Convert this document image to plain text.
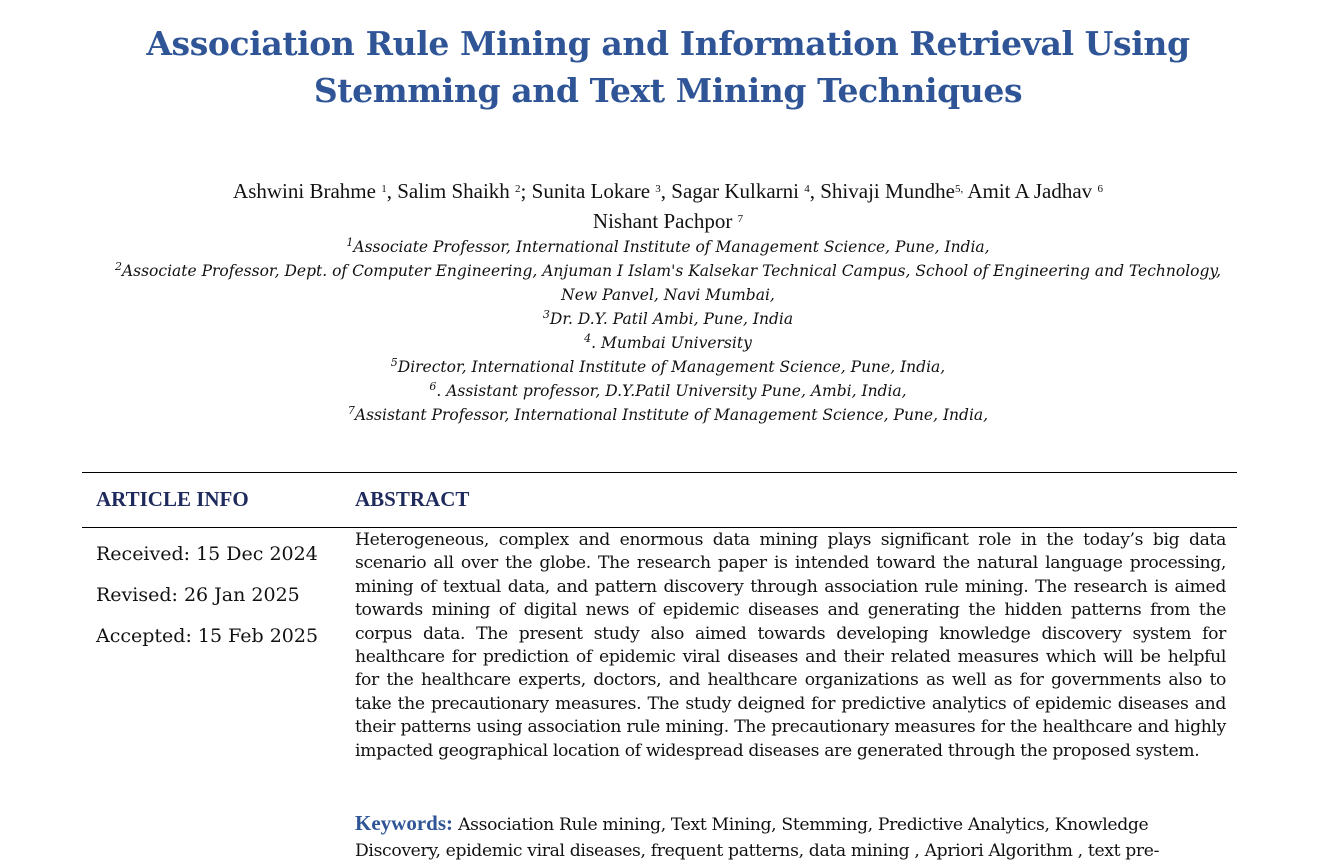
Association Rule Mining and Information Retrieval Using
Stemming and Text Mining Techniques
Ashwini Brahme $^1$, Salim Shaikh $^2$; Sunita Lokare $^3$, Sagar Kulkarni $^4$, Shivaji Mundhe$^{5,}$ Amit A Jadhav $^6$
Nishant Pachpor $^7$
$^1$Associate Professor, International Institute of Management Science, Pune, India,
$^2$Associate Professor, Dept. of Computer Engineering, Anjuman I Islam's Kalsekar Technical Campus, School of Engineering and Technology,
New Panvel, Navi Mumbai,
$^3$Dr. D.Y. Patil Ambi, Pune, India
$^4$. Mumbai University
$^5$Director, International Institute of Management Science, Pune, India,
$^6$. Assistant professor, D.Y.Patil University Pune, Ambi, India,
$^7$Assistant Professor, International Institute of Management Science, Pune, India,
ARTICLE INFO	ABSTRACT
Received: 15 Dec 2024
Revised: 26 Jan 2025
Accepted: 15 Feb 2025

Heterogeneous, complex and enormous data mining plays significant role in the today’s big data scenario all over the globe. The research paper is intended toward the natural language processing, mining of textual data, and pattern discovery through association rule mining. The research is aimed towards mining of digital news of epidemic diseases and generating the hidden patterns from the corpus data. The present study also aimed towards developing knowledge discovery system for healthcare for prediction of epidemic viral diseases and their related measures which will be helpful for the healthcare experts, doctors, and healthcare organizations as well as for governments also to take the precautionary measures. The study deigned for predictive analytics of epidemic diseases and their patterns using association rule mining. The precautionary measures for the healthcare and highly impacted geographical location of widespread diseases are generated through the proposed system.

Keywords: Association Rule mining, Text Mining, Stemming, Predictive Analytics, Knowledge Discovery, epidemic viral diseases, frequent patterns, data mining , Apriori Algorithm , text pre-
